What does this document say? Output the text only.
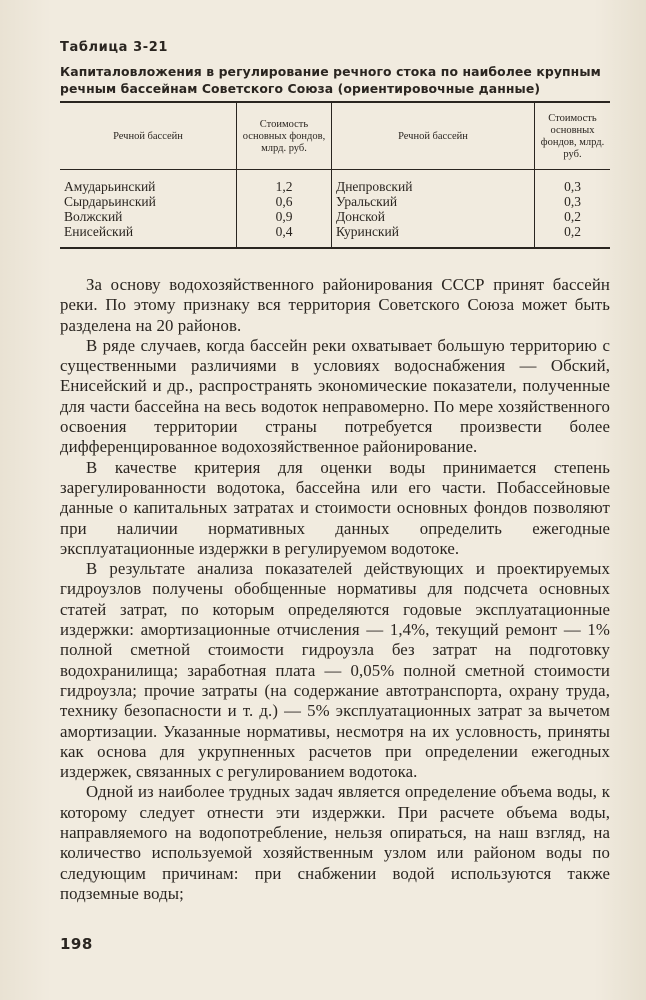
Таблица 3-21
Капиталовложения в регулирование речного стока по наиболее крупным речным бассейнам Советского Союза (ориентировочные данные)
Речной бассейн	Стоимость основных фондов, млрд. руб.	Речной бассейн	Стоимость основных фондов, млрд. руб.
Амударьинский	1,2	Днепровский	0,3
Сырдарьинский	0,6	Уральский	0,3
Волжский	0,9	Донской	0,2
Енисейский	0,4	Куринский	0,2

За основу водохозяйственного районирования СССР принят бассейн реки. По этому признаку вся территория Советского Союза может быть разделена на 20 районов.

В ряде случаев, когда бассейн реки охватывает большую территорию с существенными различиями в условиях водоснабжения — Обский, Енисейский и др., распространять экономические показатели, полученные для части бассейна на весь водоток неправомерно. По мере хозяйственного освоения территории страны потребуется произвести более дифференцированное водохозяйственное районирование.

В качестве критерия для оценки воды принимается степень зарегулированности водотока, бассейна или его части. Побассейновые данные о капитальных затратах и стоимости основных фондов позволяют при наличии нормативных данных определить ежегодные эксплуатационные издержки в регулируемом водотоке.

В результате анализа показателей действующих и проектируемых гидроузлов получены обобщенные нормативы для подсчета основных статей затрат, по которым определяются годовые эксплуатационные издержки: амортизационные отчисления — 1,4%, текущий ремонт — 1% полной сметной стоимости гидроузла без затрат на подготовку водохранилища; заработная плата — 0,05% полной сметной стоимости гидроузла; прочие затраты (на содержание автотранспорта, охрану труда, технику безопасности и т. д.) — 5% эксплуатационных затрат за вычетом амортизации. Указанные нормативы, несмотря на их условность, приняты как основа для укрупненных расчетов при определении ежегодных издержек, связанных с регулированием водотока.

Одной из наиболее трудных задач является определение объема воды, к которому следует отнести эти издержки. При расчете объема воды, направляемого на водопотребление, нельзя опираться, на наш взгляд, на количество используемой хозяйственным узлом или районом воды по следующим причинам: при снабжении водой используются также подземные воды;

198
